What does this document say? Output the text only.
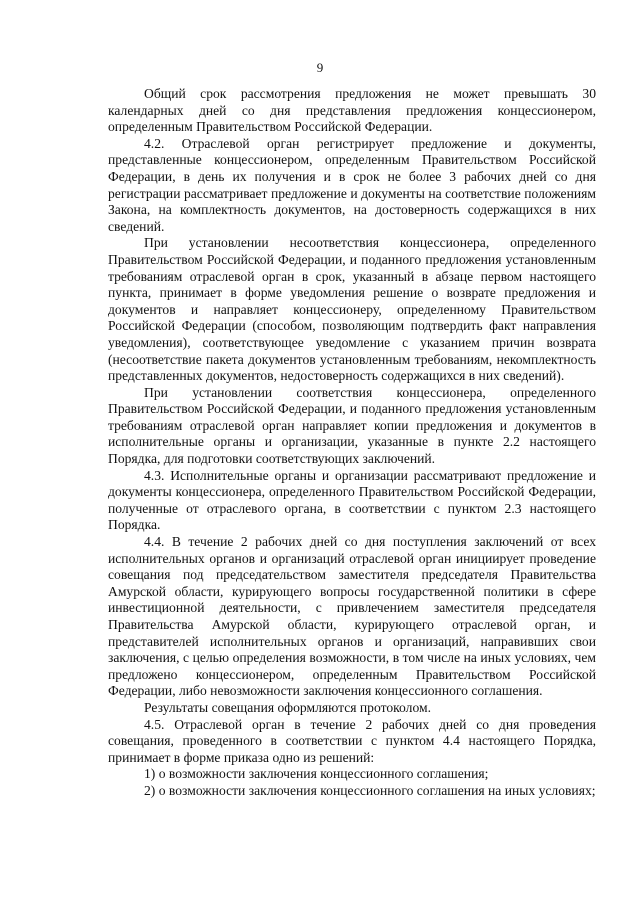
9

Общий срок рассмотрения предложения не может превышать 30 календарных дней со дня представления предложения концессионером, определенным Правительством Российской Федерации.

4.2. Отраслевой орган регистрирует предложение и документы, представленные концессионером, определенным Правительством Российской Федерации, в день их получения и в срок не более 3 рабочих дней со дня регистрации рассматривает предложение и документы на соответствие положениям Закона, на комплектность документов, на достоверность содержащихся в них сведений.

При установлении несоответствия концессионера, определенного Правительством Российской Федерации, и поданного предложения установленным требованиям отраслевой орган в срок, указанный в абзаце первом настоящего пункта, принимает в форме уведомления решение о возврате предложения и документов и направляет концессионеру, определенному Правительством Российской Федерации (способом, позволяющим подтвердить факт направления уведомления), соответствующее уведомление с указанием причин возврата (несоответствие пакета документов установленным требованиям, некомплектность представленных документов, недостоверность содержащихся в них сведений).

При установлении соответствия концессионера, определенного Правительством Российской Федерации, и поданного предложения установленным требованиям отраслевой орган направляет копии предложения и документов в исполнительные органы и организации, указанные в пункте 2.2 настоящего Порядка, для подготовки соответствующих заключений.

4.3. Исполнительные органы и организации рассматривают предложение и документы концессионера, определенного Правительством Российской Федерации, полученные от отраслевого органа, в соответствии с пунктом 2.3 настоящего Порядка.

4.4. В течение 2 рабочих дней со дня поступления заключений от всех исполнительных органов и организаций отраслевой орган инициирует проведение совещания под председательством заместителя председателя Правительства Амурской области, курирующего вопросы государственной политики в сфере инвестиционной деятельности, с привлечением заместителя председателя Правительства Амурской области, курирующего отраслевой орган, и представителей исполнительных органов и организаций, направивших свои заключения, с целью определения возможности, в том числе на иных условиях, чем предложено концессионером, определенным Правительством Российской Федерации, либо невозможности заключения концессионного соглашения.

Результаты совещания оформляются протоколом.

4.5. Отраслевой орган в течение 2 рабочих дней со дня проведения совещания, проведенного в соответствии с пунктом 4.4 настоящего Порядка, принимает в форме приказа одно из решений:

1) о возможности заключения концессионного соглашения;

2) о возможности заключения концессионного соглашения на иных условиях;
